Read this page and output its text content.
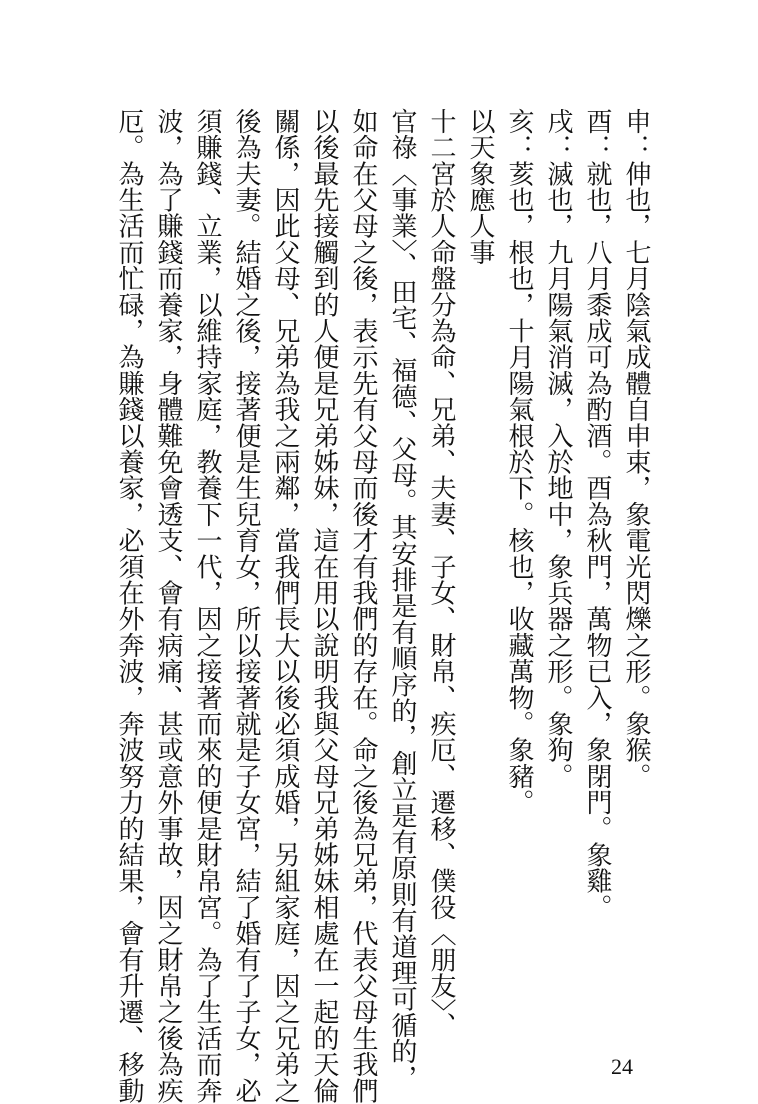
申：伸也，七月陰氣成體自申束，象電光閃爍之形。象猴。
酉：就也，八月黍成可為酌酒。酉為秋門，萬物已入，象閉門。象雞。
戌：滅也，九月陽氣消滅，入於地中，象兵器之形。象狗。
亥：荄也，根也，十月陽氣根於下。核也，收藏萬物。象豬。
以天象應人事
十二宮於人命盤分為命、兄弟、夫妻、子女、財帛、疾厄、遷移、僕役〈朋友〉、
官祿〈事業〉、田宅、福德、父母。其安排是有順序的，創立是有原則有道理可循的，
如命在父母之後，表示先有父母而後才有我們的存在。命之後為兄弟，代表父母生我們
以後最先接觸到的人便是兄弟姊妹，這在用以說明我與父母兄弟姊妹相處在一起的天倫
關係，因此父母、兄弟為我之兩鄰，當我們長大以後必須成婚，另組家庭，因之兄弟之
後為夫妻。結婚之後，接著便是生兒育女，所以接著就是子女宮，結了婚有了子女，必
須賺錢、立業，以維持家庭，教養下一代，因之接著而來的便是財帛宮。為了生活而奔
波，為了賺錢而養家，身體難免會透支、會有病痛、甚或意外事故，因之財帛之後為疾
厄。為生活而忙碌，為賺錢以養家，必須在外奔波，奔波努力的結果，會有升遷、移動	24
